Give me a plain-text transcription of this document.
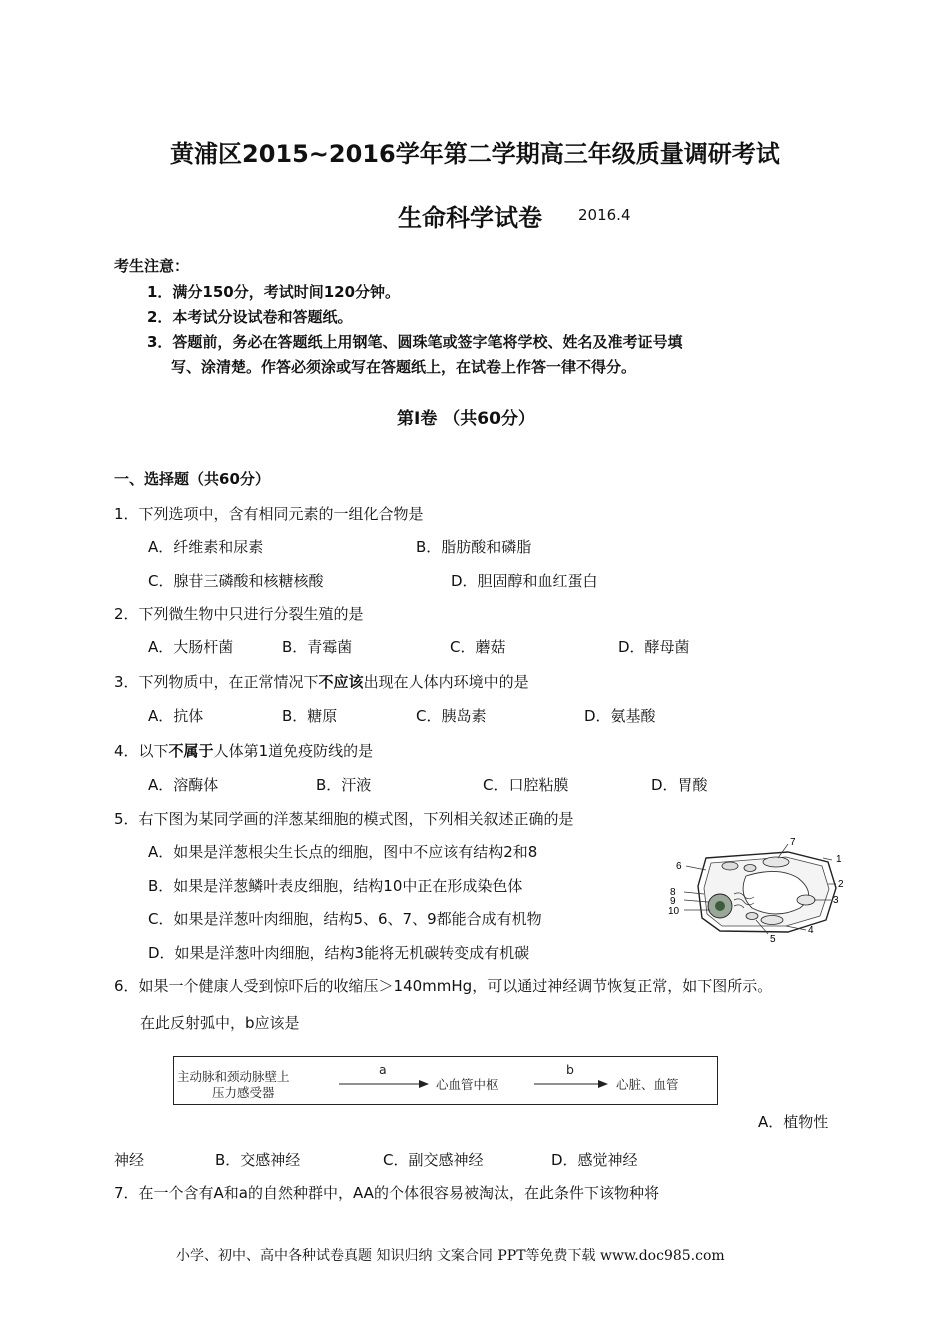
黄浦区2015~2016学年第二学期高三年级质量调研考试
生命科学试卷 2016.4
考生注意：
1．满分150分，考试时间120分钟。
2．本考试分设试卷和答题纸。
3．答题前，务必在答题纸上用钢笔、圆珠笔或签字笔将学校、姓名及准考证号填
写、涂清楚。作答必须涂或写在答题纸上，在试卷上作答一律不得分。
第Ⅰ卷 （共60分）
一、选择题（共60分）
1．下列选项中，含有相同元素的一组化合物是
A．纤维素和尿素	B．脂肪酸和磷脂
C．腺苷三磷酸和核糖核酸	D．胆固醇和血红蛋白
2．下列微生物中只进行分裂生殖的是
A．大肠杆菌	B．青霉菌	C．蘑菇	D．酵母菌
3．下列物质中，在正常情况下不应该出现在人体内环境中的是
A．抗体	B．糖原	C．胰岛素	D．氨基酸
4．以下不属于人体第1道免疫防线的是
A．溶酶体	B．汗液	C．口腔粘膜	D．胃酸
5．右下图为某同学画的洋葱某细胞的模式图，下列相关叙述正确的是
A．如果是洋葱根尖生长点的细胞，图中不应该有结构2和8
B．如果是洋葱鳞叶表皮细胞，结构10中正在形成染色体
C．如果是洋葱叶肉细胞，结构5、6、7、9都能合成有机物
D．如果是洋葱叶肉细胞，结构3能将无机碳转变成有机碳
7
6
1
8
9
10
2
3
4
5
6．如果一个健康人受到惊吓后的收缩压＞140mmHg，可以通过神经调节恢复正常，如下图所示。
在此反射弧中，b应该是
主动脉和颈动脉壁上
压力感受器
a
心血管中枢
b
心脏、血管
A．植物性
神经	B．交感神经	C．副交感神经	D．感觉神经
7．在一个含有A和a的自然种群中，AA的个体很容易被淘汰，在此条件下该物种将
小学、初中、高中各种试卷真题 知识归纳 文案合同 PPT等免费下载 www.doc985.com
